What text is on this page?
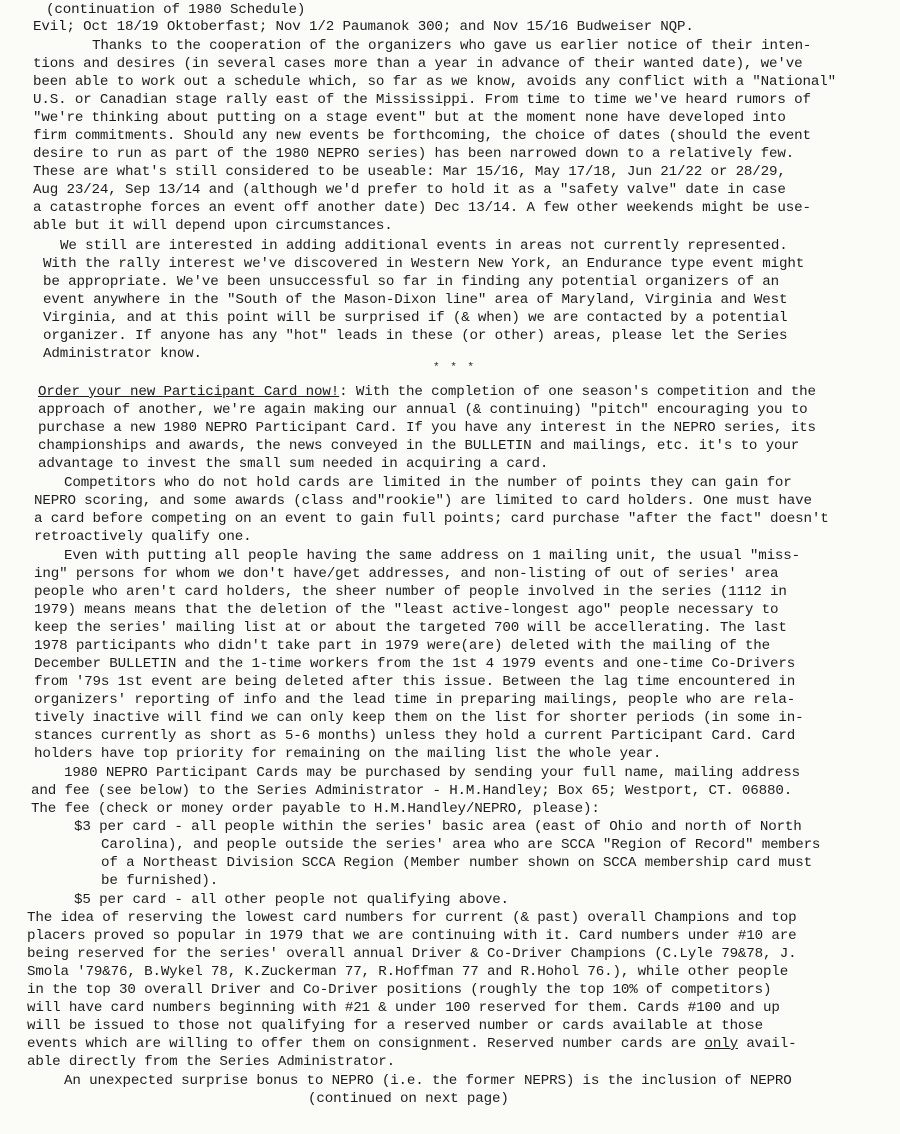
(continuation of 1980 Schedule)
Evil; Oct 18/19 Oktoberfast; Nov 1/2 Paumanok 300; and Nov 15/16 Budweiser NQP.
Thanks to the cooperation of the organizers who gave us earlier notice of their inten-
tions and desires (in several cases more than a year in advance of their wanted date), we've
been able to work out a schedule which, so far as we know, avoids any conflict with a "National"
U.S. or Canadian stage rally east of the Mississippi. From time to time we've heard rumors of
"we're thinking about putting on a stage event" but at the moment none have developed into
firm commitments. Should any new events be forthcoming, the choice of dates (should the event
desire to run as part of the 1980 NEPRO series) has been narrowed down to a relatively few.
These are what's still considered to be useable: Mar 15/16, May 17/18, Jun 21/22 or 28/29,
Aug 23/24, Sep 13/14 and (although we'd prefer to hold it as a "safety valve" date in case
a catastrophe forces an event off another date) Dec 13/14. A few other weekends might be use-
able but it will depend upon circumstances.
We still are interested in adding additional events in areas not currently represented.
With the rally interest we've discovered in Western New York, an Endurance type event might
be appropriate. We've been unsuccessful so far in finding any potential organizers of an
event anywhere in the "South of the Mason-Dixon line" area of Maryland, Virginia and West
Virginia, and at this point will be surprised if (& when) we are contacted by a potential
organizer. If anyone has any "hot" leads in these (or other) areas, please let the Series
Administrator know.
* * *
Order your new Participant Card now!: With the completion of one season's competition and the
approach of another, we're again making our annual (& continuing) "pitch" encouraging you to
purchase a new 1980 NEPRO Participant Card. If you have any interest in the NEPRO series, its
championships and awards, the news conveyed in the BULLETIN and mailings, etc. it's to your
advantage to invest the small sum needed in acquiring a card.
Competitors who do not hold cards are limited in the number of points they can gain for
NEPRO scoring, and some awards (class and"rookie") are limited to card holders. One must have
a card before competing on an event to gain full points; card purchase "after the fact" doesn't
retroactively qualify one.
Even with putting all people having the same address on 1 mailing unit, the usual "miss-
ing" persons for whom we don't have/get addresses, and non-listing of out of series' area
people who aren't card holders, the sheer number of people involved in the series (1112 in
1979) means means that the deletion of the "least active-longest ago" people necessary to
keep the series' mailing list at or about the targeted 700 will be accellerating. The last
1978 participants who didn't take part in 1979 were(are) deleted with the mailing of the
December BULLETIN and the 1-time workers from the 1st 4 1979 events and one-time Co-Drivers
from '79s 1st event are being deleted after this issue. Between the lag time encountered in
organizers' reporting of info and the lead time in preparing mailings, people who are rela-
tively inactive will find we can only keep them on the list for shorter periods (in some in-
stances currently as short as 5-6 months) unless they hold a current Participant Card. Card
holders have top priority for remaining on the mailing list the whole year.
1980 NEPRO Participant Cards may be purchased by sending your full name, mailing address
and fee (see below) to the Series Administrator - H.M.Handley; Box 65; Westport, CT. 06880.
The fee (check or money order payable to H.M.Handley/NEPRO, please):
$3 per card - all people within the series' basic area (east of Ohio and north of North
Carolina), and people outside the series' area who are SCCA "Region of Record" members
of a Northeast Division SCCA Region (Member number shown on SCCA membership card must
be furnished).
$5 per card - all other people not qualifying above.
The idea of reserving the lowest card numbers for current (& past) overall Champions and top
placers proved so popular in 1979 that we are continuing with it. Card numbers under #10 are
being reserved for the series' overall annual Driver & Co-Driver Champions (C.Lyle 79&78, J.
Smola '79&76, B.Wykel 78, K.Zuckerman 77, R.Hoffman 77 and R.Hohol 76.), while other people
in the top 30 overall Driver and Co-Driver positions (roughly the top 10% of competitors)
will have card numbers beginning with #21 & under 100 reserved for them. Cards #100 and up
will be issued to those not qualifying for a reserved number or cards available at those
events which are willing to offer them on consignment. Reserved number cards are only avail-
able directly from the Series Administrator.
An unexpected surprise bonus to NEPRO (i.e. the former NEPRS) is the inclusion of NEPRO
(continued on next page)
